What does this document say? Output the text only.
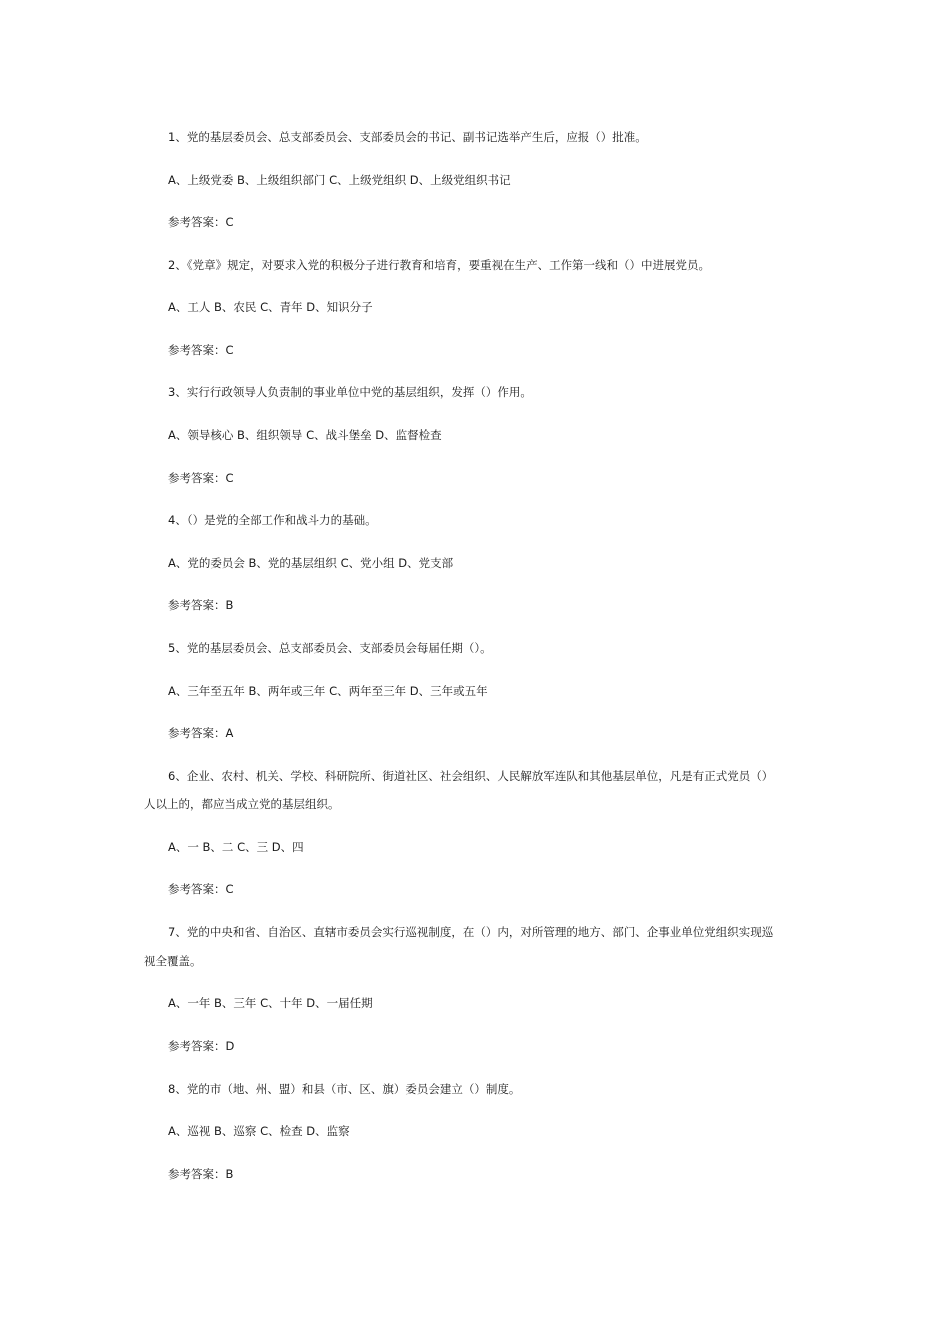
1、党的基层委员会、总支部委员会、支部委员会的书记、副书记选举产生后，应报（）批准。
A、上级党委 B、上级组织部门 C、上级党组织 D、上级党组织书记
参考答案：C
2、《党章》规定，对要求入党的积极分子进行教育和培育，要重视在生产、工作第一线和（）中进展党员。
A、工人 B、农民 C、青年 D、知识分子
参考答案：C
3、实行行政领导人负责制的事业单位中党的基层组织，发挥（）作用。
A、领导核心 B、组织领导 C、战斗堡垒 D、监督检查
参考答案：C
4、（）是党的全部工作和战斗力的基础。
A、党的委员会 B、党的基层组织 C、党小组 D、党支部
参考答案：B
5、党的基层委员会、总支部委员会、支部委员会每届任期（）。
A、三年至五年 B、两年或三年 C、两年至三年 D、三年或五年
参考答案：A
6、企业、农村、机关、学校、科研院所、街道社区、社会组织、人民解放军连队和其他基层单位，凡是有正式党员（）
人以上的，都应当成立党的基层组织。
A、一 B、二 C、三 D、四
参考答案：C
7、党的中央和省、自治区、直辖市委员会实行巡视制度，在（）内，对所管理的地方、部门、企事业单位党组织实现巡
视全覆盖。
A、一年 B、三年 C、十年 D、一届任期
参考答案：D
8、党的市（地、州、盟）和县（市、区、旗）委员会建立（）制度。
A、巡视 B、巡察 C、检查 D、监察
参考答案：B
